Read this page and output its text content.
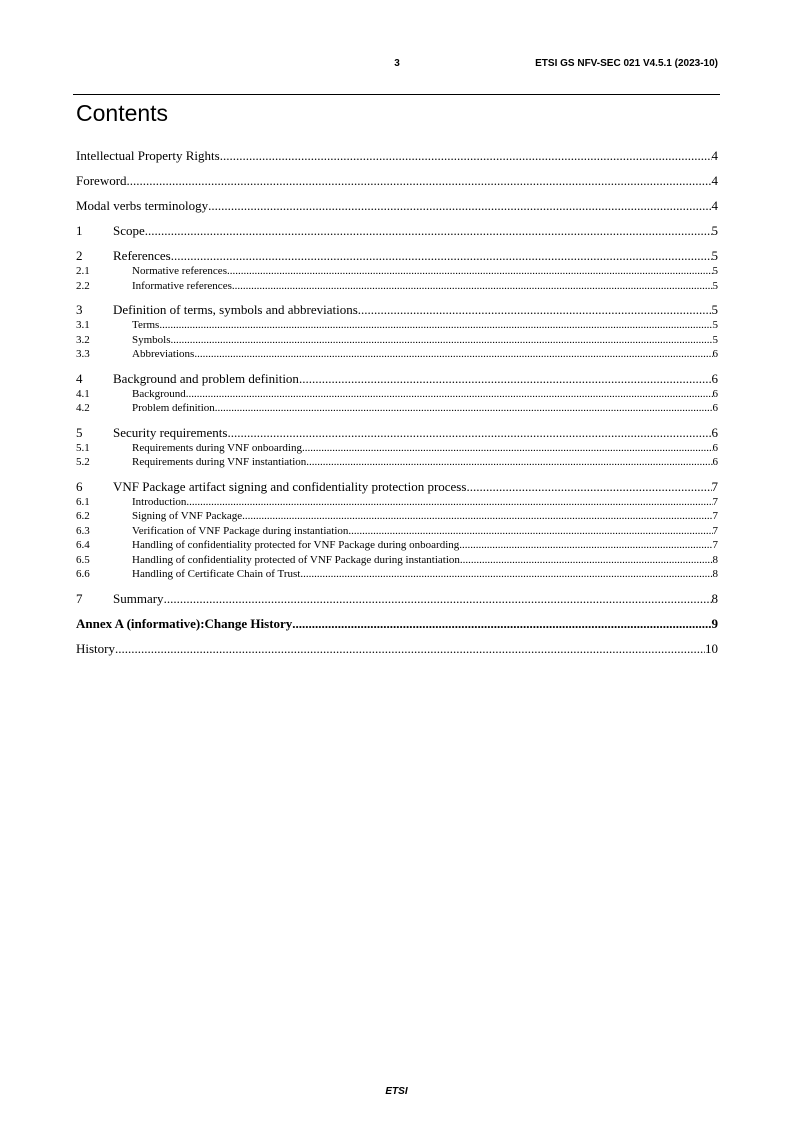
3	ETSI GS NFV-SEC 021 V4.5.1 (2023-10)
Contents
Intellectual Property Rights .....	4
Foreword .....	4
Modal verbs terminology .....	4
1	Scope .....	5
2	References .....	5
2.1	Normative references .....	5
2.2	Informative references .....	5
3	Definition of terms, symbols and abbreviations .....	5
3.1	Terms .....	5
3.2	Symbols .....	5
3.3	Abbreviations .....	6
4	Background and problem definition .....	6
4.1	Background .....	6
4.2	Problem definition .....	6
5	Security requirements .....	6
5.1	Requirements during VNF onboarding .....	6
5.2	Requirements during VNF instantiation .....	6
6	VNF Package artifact signing and confidentiality protection process .....	7
6.1	Introduction .....	7
6.2	Signing of VNF Package .....	7
6.3	Verification of VNF Package during instantiation .....	7
6.4	Handling of confidentiality protected for VNF Package during onboarding .....	7
6.5	Handling of confidentiality protected of VNF Package during instantiation .....	8
6.6	Handling of Certificate Chain of Trust .....	8
7	Summary .....	8
Annex A (informative): Change History .....	9
History .....	10
ETSI
